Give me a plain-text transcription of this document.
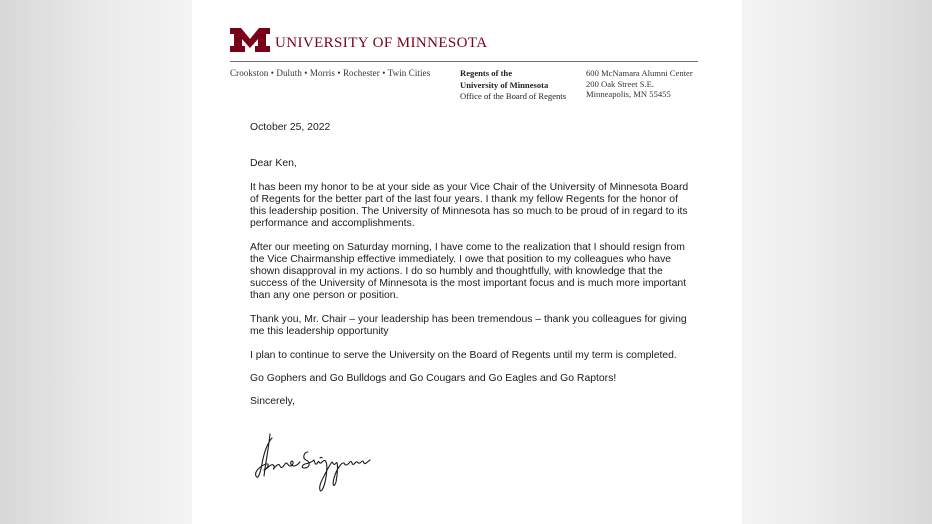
UNIVERSITY OF MINNESOTA
Crookston • Duluth • Morris • Rochester • Twin Cities	Regents of the
University of Minnesota
Office of the Board of Regents
600 McNamara Alumni Center
200 Oak Street S.E.
Minneapolis, MN 55455
October 25, 2022
Dear Ken,

It has been my honor to be at your side as your Vice Chair of the University of Minnesota Board of Regents for the better part of the last four years. I thank my fellow Regents for the honor of this leadership position. The University of Minnesota has so much to be proud of in regard to its performance and accomplishments.

After our meeting on Saturday morning, I have come to the realization that I should resign from the Vice Chairmanship effective immediately. I owe that position to my colleagues who have shown disapproval in my actions. I do so humbly and thoughtfully, with knowledge that the success of the University of Minnesota is the most important focus and is much more important than any one person or position.

Thank you, Mr. Chair – your leadership has been tremendous – thank you colleagues for giving me this leadership opportunity

I plan to continue to serve the University on the Board of Regents until my term is completed.

Go Gophers and Go Bulldogs and Go Cougars and Go Eagles and Go Raptors!

Sincerely,
